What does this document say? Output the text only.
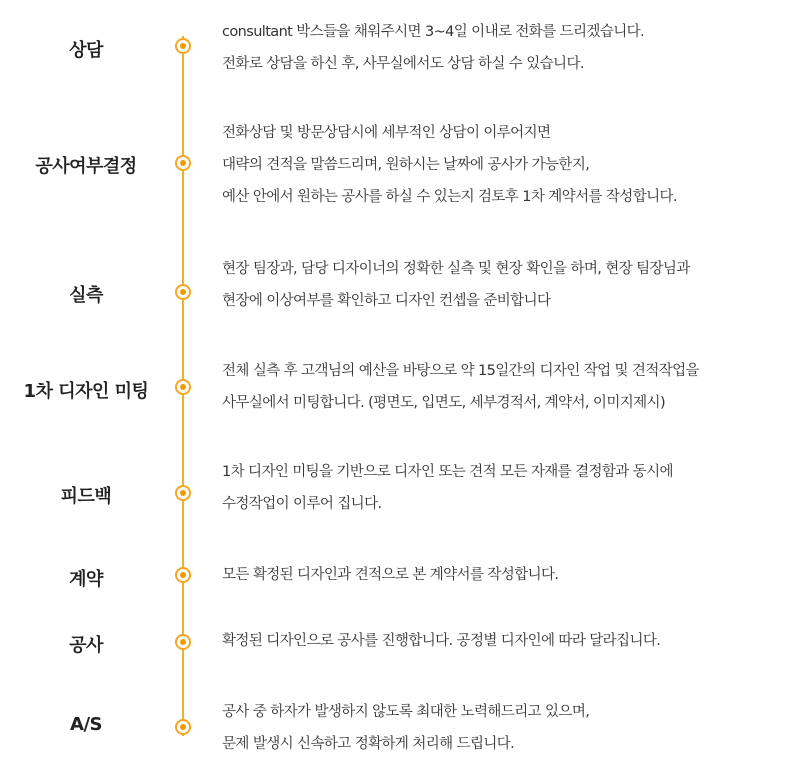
상담
consultant 박스들을 채워주시면 3~4일 이내로 전화를 드리겠습니다.
전화로 상담을 하신 후, 사무실에서도 상담 하실 수 있습니다.
공사여부결정
전화상담 및 방문상담시에 세부적인 상담이 이루어지면
대략의 견적을 말씀드리며, 원하시는 날짜에 공사가 가능한지,
예산 안에서 원하는 공사를 하실 수 있는지 검토후 1차 계약서를 작성합니다.
실측
현장 팀장과, 담당 디자이너의 정확한 실측 및 현장 확인을 하며, 현장 팀장님과
현장에 이상여부를 확인하고 디자인 컨셉을 준비합니다
1차 디자인 미팅
전체 실측 후 고객님의 예산을 바탕으로 약 15일간의 디자인 작업 및 견적작업을
사무실에서 미팅합니다. (평면도, 입면도, 세부경적서, 계약서, 이미지제시)
피드백
1차 디자인 미팅을 기반으로 디자인 또는 견적 모든 자재를 결정함과 동시에
수정작업이 이루어 집니다.
계약	모든 확정된 디자인과 견적으로 본 계약서를 작성합니다.
공사	확정된 디자인으로 공사를 진행합니다. 공정별 디자인에 따라 달라집니다.
A/S
공사 중 하자가 발생하지 않도록 최대한 노력해드리고 있으며,
문제 발생시 신속하고 정확하게 처리해 드립니다.
